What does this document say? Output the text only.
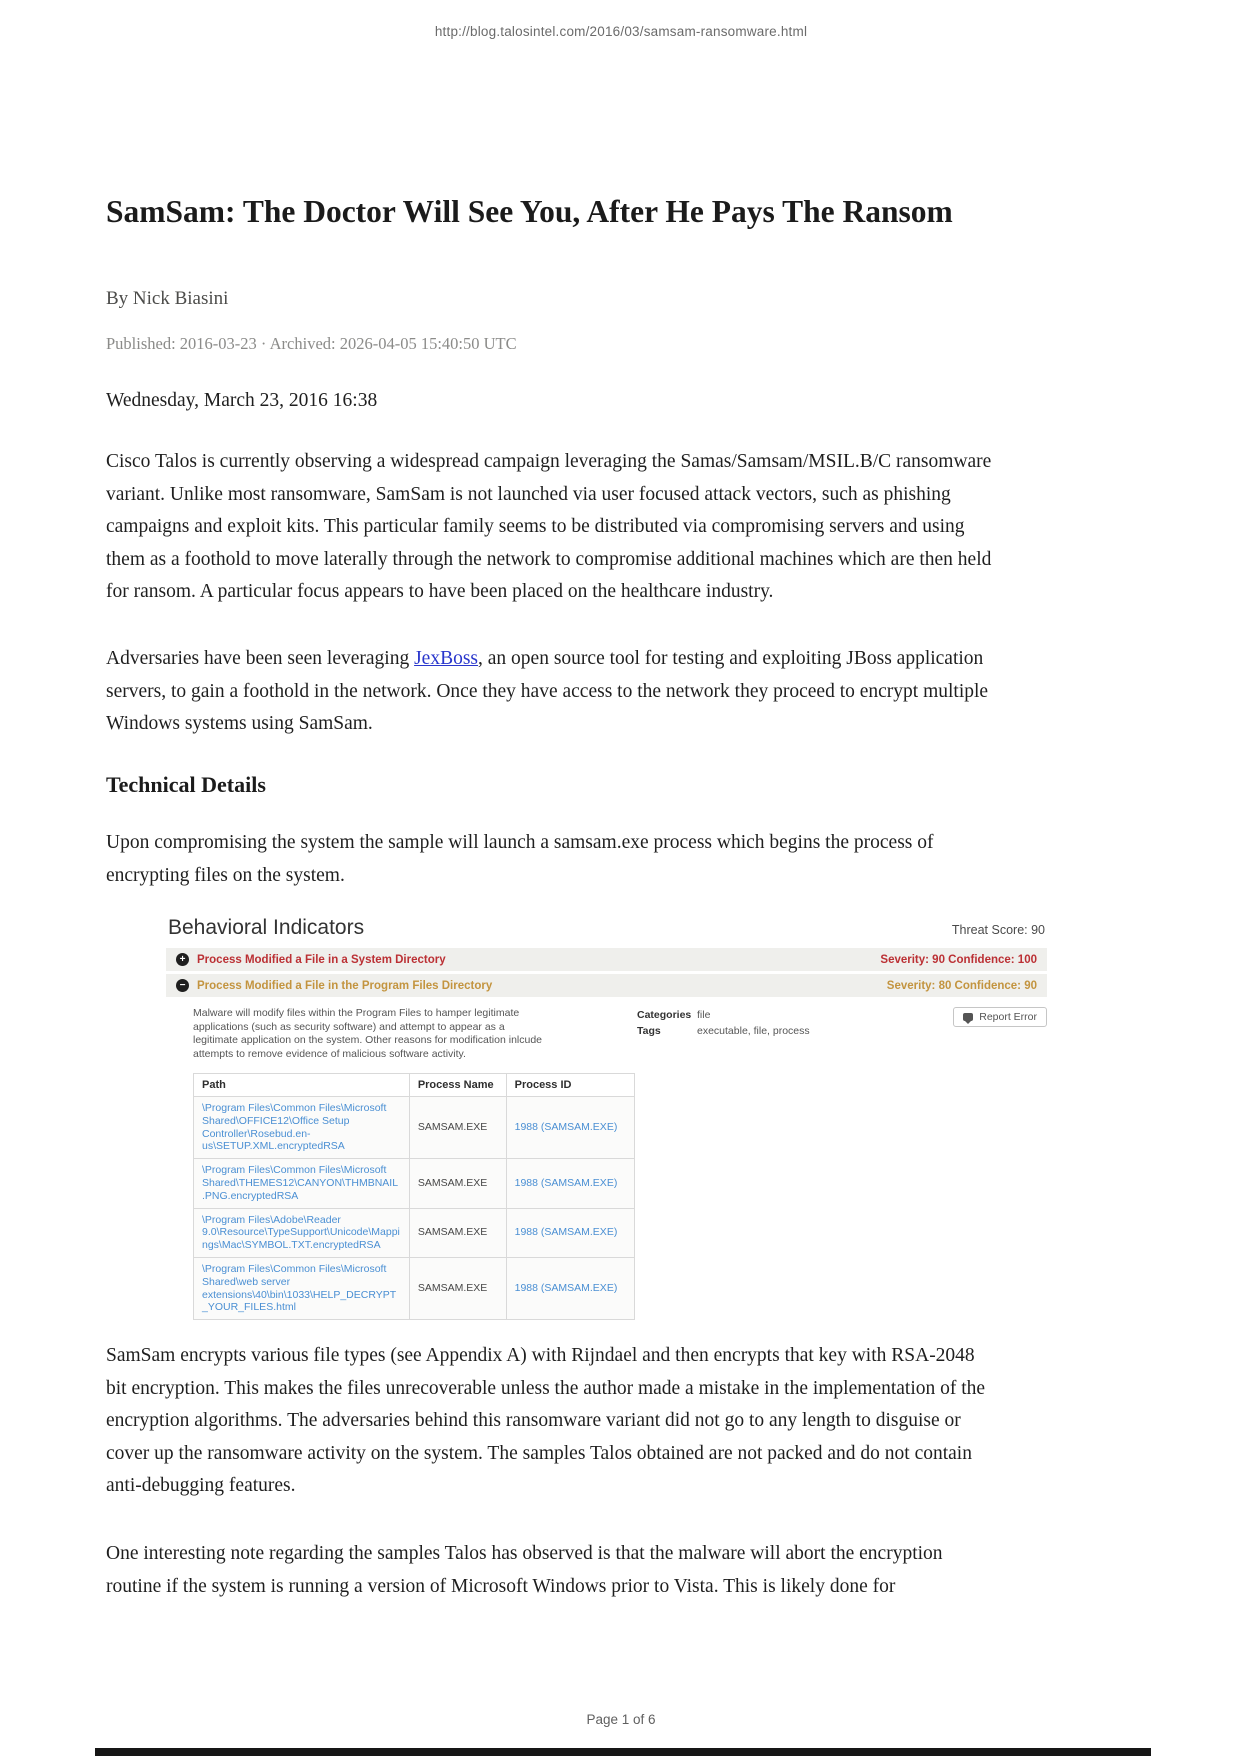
http://blog.talosintel.com/2016/03/samsam-ransomware.html
SamSam: The Doctor Will See You, After He Pays The Ransom
By Nick Biasini
Published: 2016-03-23 · Archived: 2026-04-05 15:40:50 UTC
Wednesday, March 23, 2016 16:38

Cisco Talos is currently observing a widespread campaign leveraging the Samas/Samsam/MSIL.B/C ransomware variant. Unlike most ransomware, SamSam is not launched via user focused attack vectors, such as phishing campaigns and exploit kits. This particular family seems to be distributed via compromising servers and using them as a foothold to move laterally through the network to compromise additional machines which are then held for ransom. A particular focus appears to have been placed on the healthcare industry.

Adversaries have been seen leveraging JexBoss, an open source tool for testing and exploiting JBoss application servers, to gain a foothold in the network. Once they have access to the network they proceed to encrypt multiple Windows systems using SamSam.

Technical Details

Upon compromising the system the sample will launch a samsam.exe process which begins the process of encrypting files on the system.

Behavioral Indicators	Threat Score: 90
+	Process Modified a File in a System Directory	Severity: 90 Confidence: 100
−	Process Modified a File in the Program Files Directory	Severity: 80 Confidence: 90

Malware will modify files within the Program Files to hamper legitimate applications (such as security software) and attempt to appear as a legitimate application on the system. Other reasons for modification inlcude attempts to remove evidence of malicious software activity.

Categories file
Tags	executable, file, process
Report Error
Path	Process Name	Process ID
\Program Files\Common Files\Microsoft Shared\OFFICE12\Office Setup Controller\Rosebud.en-us\SETUP.XML.encryptedRSA	SAMSAM.EXE	1988 (SAMSAM.EXE)
\Program Files\Common Files\Microsoft Shared\THEMES12\CANYON\THMBNAIL.PNG.encryptedRSA	SAMSAM.EXE	1988 (SAMSAM.EXE)
\Program Files\Adobe\Reader 9.0\Resource\TypeSupport\Unicode\Mappings\Mac\SYMBOL.TXT.encryptedRSA	SAMSAM.EXE	1988 (SAMSAM.EXE)
\Program Files\Common Files\Microsoft Shared\web server extensions\40\bin\1033\HELP_DECRYPT_YOUR_FILES.html	SAMSAM.EXE	1988 (SAMSAM.EXE)

SamSam encrypts various file types (see Appendix A) with Rijndael and then encrypts that key with RSA-2048 bit encryption. This makes the files unrecoverable unless the author made a mistake in the implementation of the encryption algorithms. The adversaries behind this ransomware variant did not go to any length to disguise or cover up the ransomware activity on the system. The samples Talos obtained are not packed and do not contain anti-debugging features.

One interesting note regarding the samples Talos has observed is that the malware will abort the encryption routine if the system is running a version of Microsoft Windows prior to Vista. This is likely done for

Page 1 of 6
